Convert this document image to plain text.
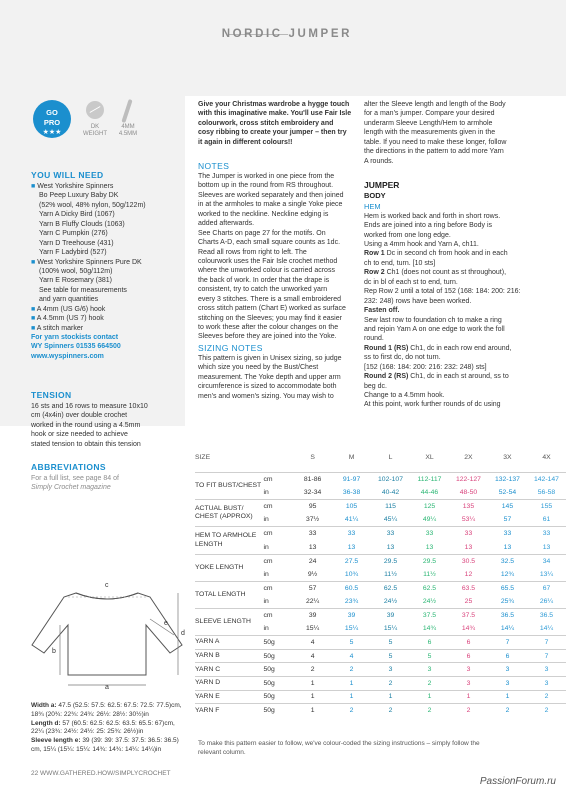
NORDIC JUMPER
GO
PRO
★★★
DK
WEIGHT
4MM
4.5MM
YOU WILL NEED

■ West Yorkshire Spinners

Bo Peep Luxury Baby DK

(52% wool, 48% nylon, 50g/122m)

Yarn A Dicky Bird (1067)

Yarn B Fluffy Clouds (1063)

Yarn C Pumpkin (276)

Yarn D Treehouse (431)

Yarn F Ladybird (527)

■ West Yorkshire Spinners Pure DK

(100% wool, 50g/112m)

Yarn E Rosemary (381)

See table for measurements

and yarn quantities

■ A 4mm (US G/6) hook

■ A 4.5mm (US 7) hook

■ A stitch marker

For yarn stockists contact

WY Spinners 01535 664500

www.wyspinners.com

TENSION

16 sts and 16 rows to measure 10x10

cm (4x4in) over double crochet

worked in the round using a 4.5mm

hook or size needed to achieve

stated tension to obtain this tension

ABBREVIATIONS

For a full list, see page 84 of

Simply Crochet magazine

a
b
c
d
e

Width a: 47.5 (52.5: 57.5: 62.5: 67.5: 72.5: 77.5)cm,

18¾ (20¾: 22¾: 24¾: 26½: 28½: 30½)in

Length d: 57 (60.5: 62.5: 62.5: 63.5: 65.5: 67)cm,

22¼ (23¾: 24½: 24½: 25: 25¾: 26½)in

Sleeve length e: 39 (39: 39: 37.5: 37.5: 36.5: 36.5)

cm, 15¼ (15¼: 15¼: 14¾: 14¾: 14¼: 14¼)in

Give your Christmas wardrobe a hygge touch

with this imaginative make. You'll use Fair Isle

colourwork, cross stitch embroidery and

cosy ribbing to create your jumper – then try

it again in different colours!!

NOTES

The Jumper is worked in one piece from the

bottom up in the round from RS throughout.

Sleeves are worked separately and then joined

in at the armholes to make a single Yoke piece

worked to the neckline. Neckline edging is

added afterwards.

See Charts on page 27 for the motifs. On

Charts A-D, each small square counts as 1dc.

Read all rows from right to left. The

colourwork uses the Fair Isle crochet method

where the unworked colour is carried across

the back of work. In order that the drape is

consistent, try to catch the unworked yarn

every 3 stitches. There is a small embroidered

cross stitch pattern (Chart E) worked as surface

stitching on the Sleeves; you may find it easier

to work these after the colour changes on the

Sleeves before they are joined into the Yoke.

SIZING NOTES

This pattern is given in Unisex sizing, so judge

which size you need by the Bust/Chest

measurement. The Yoke depth and upper arm

circumference is sized to accommodate both

men's and women's sizing. You may wish to

alter the Sleeve length and length of the Body

for a man's jumper. Compare your desired

underarm Sleeve Length/Hem to armhole

length with the measurements given in the

table. If you need to make these longer, follow

the directions in the pattern to add more Yarn

A rounds.

JUMPER

BODY

HEM

Hem is worked back and forth in short rows.

Ends are joined into a ring before Body is

worked from one long edge.

Using a 4mm hook and Yarn A, ch11.

Row 1 Dc in second ch from hook and in each

ch to end, turn. [10 sts]

Row 2 Ch1 (does not count as st throughout),

dc in bl of each st to end, turn.

Rep Row 2 until a total of 152 (168: 184: 200: 216:

232: 248) rows have been worked.

Fasten off.

Sew last row to foundation ch to make a ring

and rejoin Yarn A on one edge to work the foll

round.

Round 1 (RS) Ch1, dc in each row end around,

ss to first dc, do not turn.

[152 (168: 184: 200: 216: 232: 248) sts]

Round 2 (RS) Ch1, dc in each st around, ss to

beg dc.

Change to a 4.5mm hook.

At this point, work further rounds of dc using

SIZE		S	M	L	XL	2X	3X	4X

TO FIT BUST/CHEST	cm	81-86	91-97	102-107	112-117	122-127	132-137	142-147
	in	32-34	36-38	40-42	44-46	48-50	52-54	56-58
ACTUAL BUST/ CHEST (APPROX)	cm	95	105	115	125	135	145	155
	in	37½	41¼	45¼	49¼	53¼	57	61
HEM TO ARMHOLE LENGTH	cm	33	33	33	33	33	33	33
	in	13	13	13	13	13	13	13
YOKE LENGTH	cm	24	27.5	29.5	29.5	30.5	32.5	34
	in	9½	10¾	11½	11½	12	12¾	13¼
TOTAL LENGTH	cm	57	60.5	62.5	62.5	63.5	65.5	67
	in	22¼	23¾	24½	24½	25	25¾	26¼
SLEEVE LENGTH	cm	39	39	39	37.5	37.5	36.5	36.5
	in	15¼	15¼	15¼	14¾	14¾	14¼	14¼
YARN A	50g	4	5	5	6	6	7	7
YARN B	50g	4	4	5	5	6	6	7
YARN C	50g	2	2	3	3	3	3	3
YARN D	50g	1	1	2	2	3	3	3
YARN E	50g	1	1	1	1	1	1	2
YARN F	50g	1	2	2	2	2	2	2

To make this pattern easier to follow, we've colour-coded the sizing instructions – simply follow the

relevant column.

22 WWW.GATHERED.HOW/SIMPLYCROCHET
PassionForum.ru
